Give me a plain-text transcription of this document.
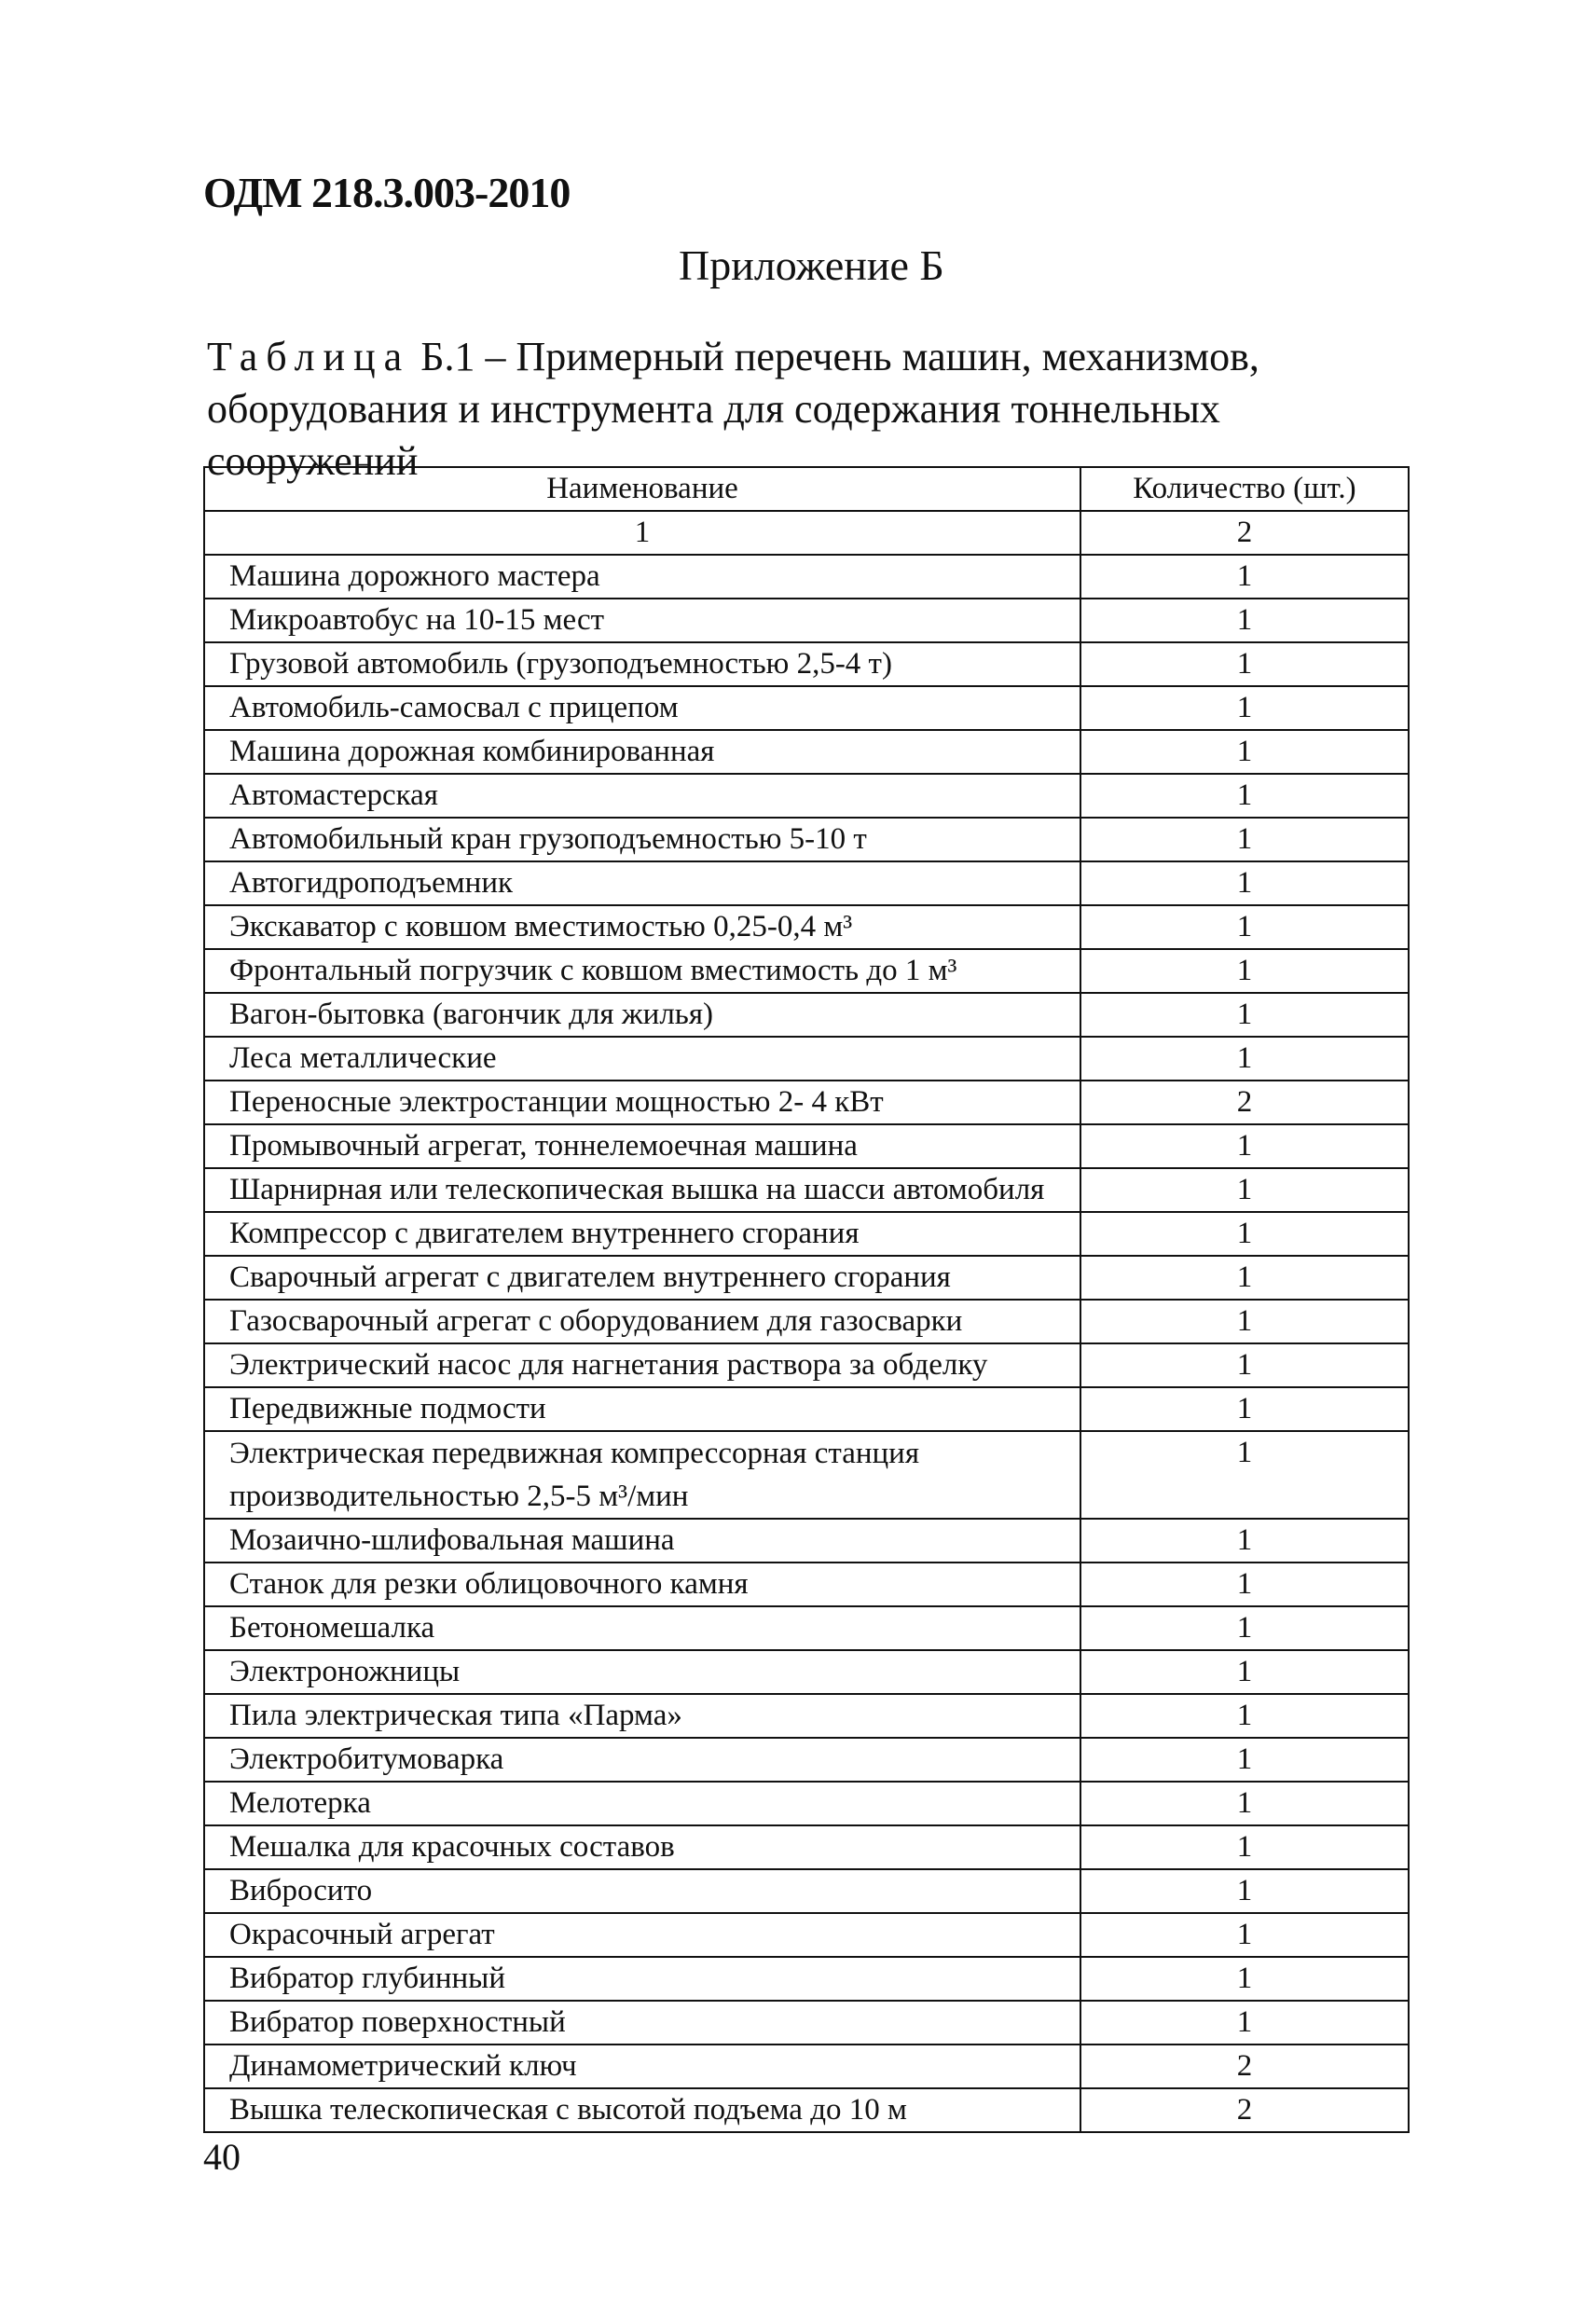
ОДМ 218.3.003-2010
Приложение Б
Таблица Б.1 – Примерный перечень машин, механизмов, оборудования и инструмента для содержания тоннельных сооружений
Наименование	Количество (шт.)
1	2
Машина дорожного мастера	1
Микроавтобус на 10-15 мест	1
Грузовой автомобиль (грузоподъемностью 2,5-4 т)	1
Автомобиль-самосвал с прицепом	1
Машина дорожная комбинированная	1
Автомастерская	1
Автомобильный кран грузоподъемностью 5-10 т	1
Автогидроподъемник	1
Экскаватор с ковшом вместимостью 0,25-0,4 м³	1
Фронтальный погрузчик с ковшом вместимость до 1 м³	1
Вагон-бытовка (вагончик для жилья)	1
Леса металлические	1
Переносные электростанции мощностью 2- 4 кВт	2
Промывочный агрегат, тоннелемоечная машина	1
Шарнирная или телескопическая вышка на шасси автомобиля	1
Компрессор с двигателем внутреннего сгорания	1
Сварочный агрегат с двигателем внутреннего сгорания	1
Газосварочный агрегат с оборудованием для газосварки	1
Электрический насос для нагнетания раствора за обделку	1
Передвижные подмости	1
Электрическая передвижная компрессорная станция производительностью 2,5-5 м³/мин	1
Мозаично-шлифовальная машина	1
Станок для резки облицовочного камня	1
Бетономешалка	1
Электроножницы	1
Пила электрическая типа «Парма»	1
Электробитумоварка	1
Мелотерка	1
Мешалка для красочных составов	1
Вибросито	1
Окрасочный агрегат	1
Вибратор глубинный	1
Вибратор поверхностный	1
Динамометрический ключ	2
Вышка телескопическая с высотой подъема до 10 м	2
40
